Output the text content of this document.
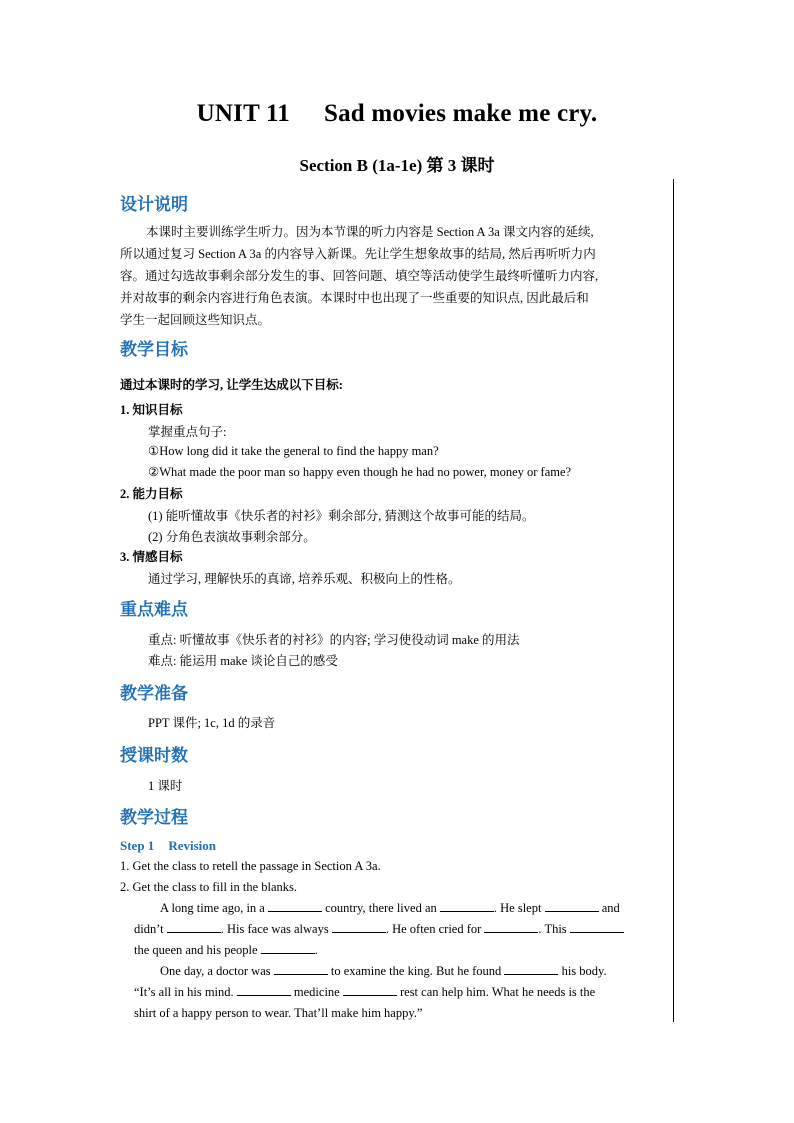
UNIT 11 Sad movies make me cry.
Section B (1a-1e) 第 3 课时
设计说明
本课时主要训练学生听力。因为本节课的听力内容是 Section A 3a 课文内容的延续,
所以通过复习 Section A 3a 的内容导入新课。先让学生想象故事的结局, 然后再听听力内
容。通过勾选故事剩余部分发生的事、回答问题、填空等活动使学生最终听懂听力内容,
并对故事的剩余内容进行角色表演。本课时中也出现了一些重要的知识点, 因此最后和
学生一起回顾这些知识点。
教学目标
通过本课时的学习, 让学生达成以下目标:
1. 知识目标
掌握重点句子:
①How long did it take the general to find the happy man?
②What made the poor man so happy even though he had no power, money or fame?
2. 能力目标
(1) 能听懂故事《快乐者的衬衫》剩余部分, 猜测这个故事可能的结局。
(2) 分角色表演故事剩余部分。
3. 情感目标
通过学习, 理解快乐的真谛, 培养乐观、积极向上的性格。
重点难点
重点: 听懂故事《快乐者的衬衫》的内容; 学习使役动词 make 的用法
难点: 能运用 make 谈论自己的感受
教学准备
PPT 课件; 1c, 1d 的录音
授课时数
1 课时
教学过程
Step 1 Revision
1. Get the class to retell the passage in Section A 3a.
2. Get the class to fill in the blanks.
A long time ago, in a	country, there lived an	. He slept	and
didn’t	. His face was always	. He often cried for	. This
the queen and his people	.
One day, a doctor was	to examine the king. But he found	his body.
“It’s all in his mind.	medicine	rest can help him. What he needs is the
shirt of a happy person to wear. That’ll make him happy.”
